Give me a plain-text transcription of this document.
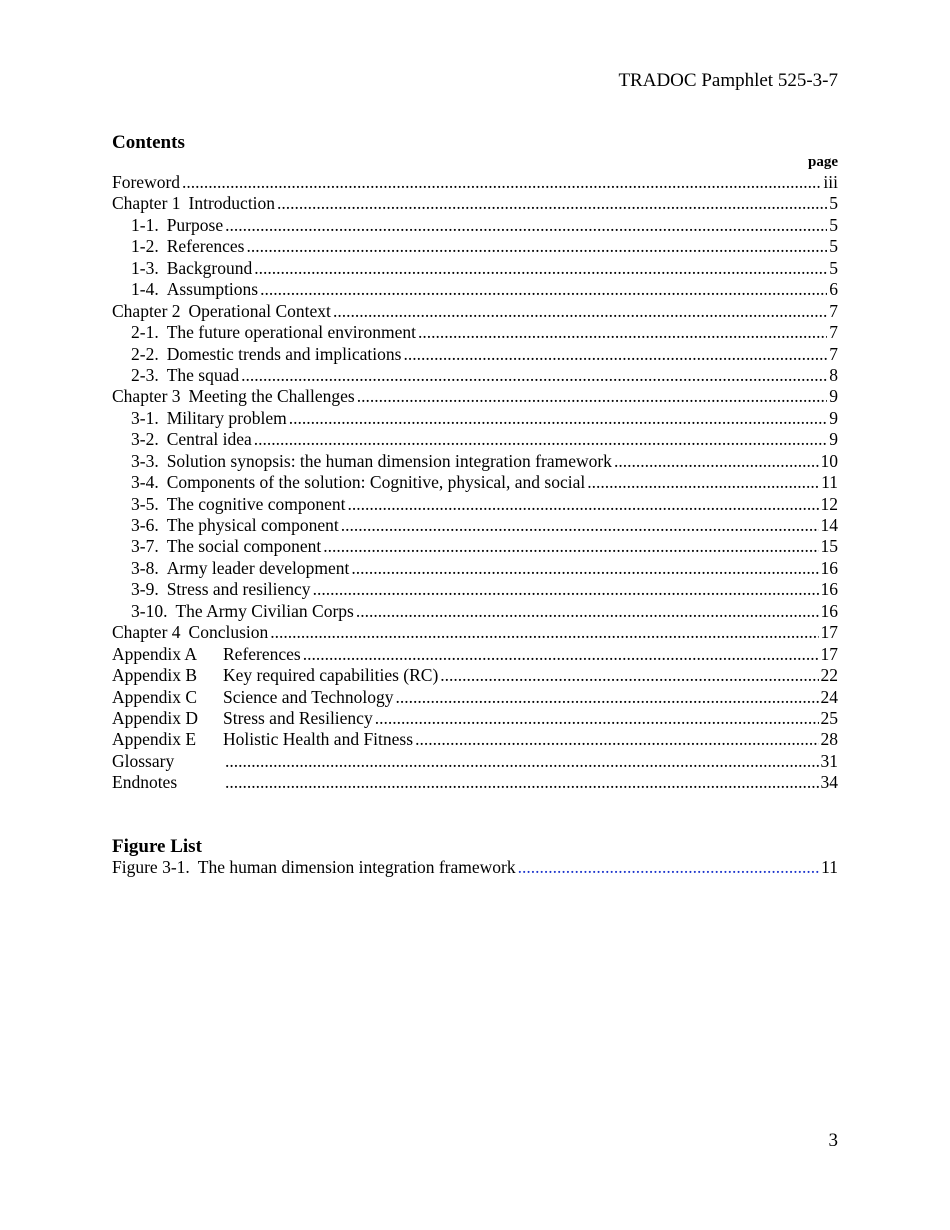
TRADOC Pamphlet 525-3-7
Contents
page
Foreword .....	iii
Chapter 1 Introduction .....	5
1-1. Purpose .....	5
1-2. References .....	5
1-3. Background .....	5
1-4. Assumptions .....	6
Chapter 2 Operational Context .....	7
2-1. The future operational environment .....	7
2-2. Domestic trends and implications .....	7
2-3. The squad .....	8
Chapter 3 Meeting the Challenges .....	9
3-1. Military problem .....	9
3-2. Central idea .....	9
3-3. Solution synopsis: the human dimension integration framework .....	10
3-4. Components of the solution: Cognitive, physical, and social .....	11
3-5. The cognitive component .....	12
3-6. The physical component .....	14
3-7. The social component .....	15
3-8. Army leader development .....	16
3-9. Stress and resiliency .....	16
3-10. The Army Civilian Corps .....	16
Chapter 4 Conclusion .....	17
Appendix A References .....	17
Appendix B Key required capabilities (RC) .....	22
Appendix C Science and Technology .....	24
Appendix D Stress and Resiliency .....	25
Appendix E Holistic Health and Fitness .....	28
Glossary .....	31
Endnotes .....	34
Figure List
Figure 3-1. The human dimension integration framework .....	11
3
